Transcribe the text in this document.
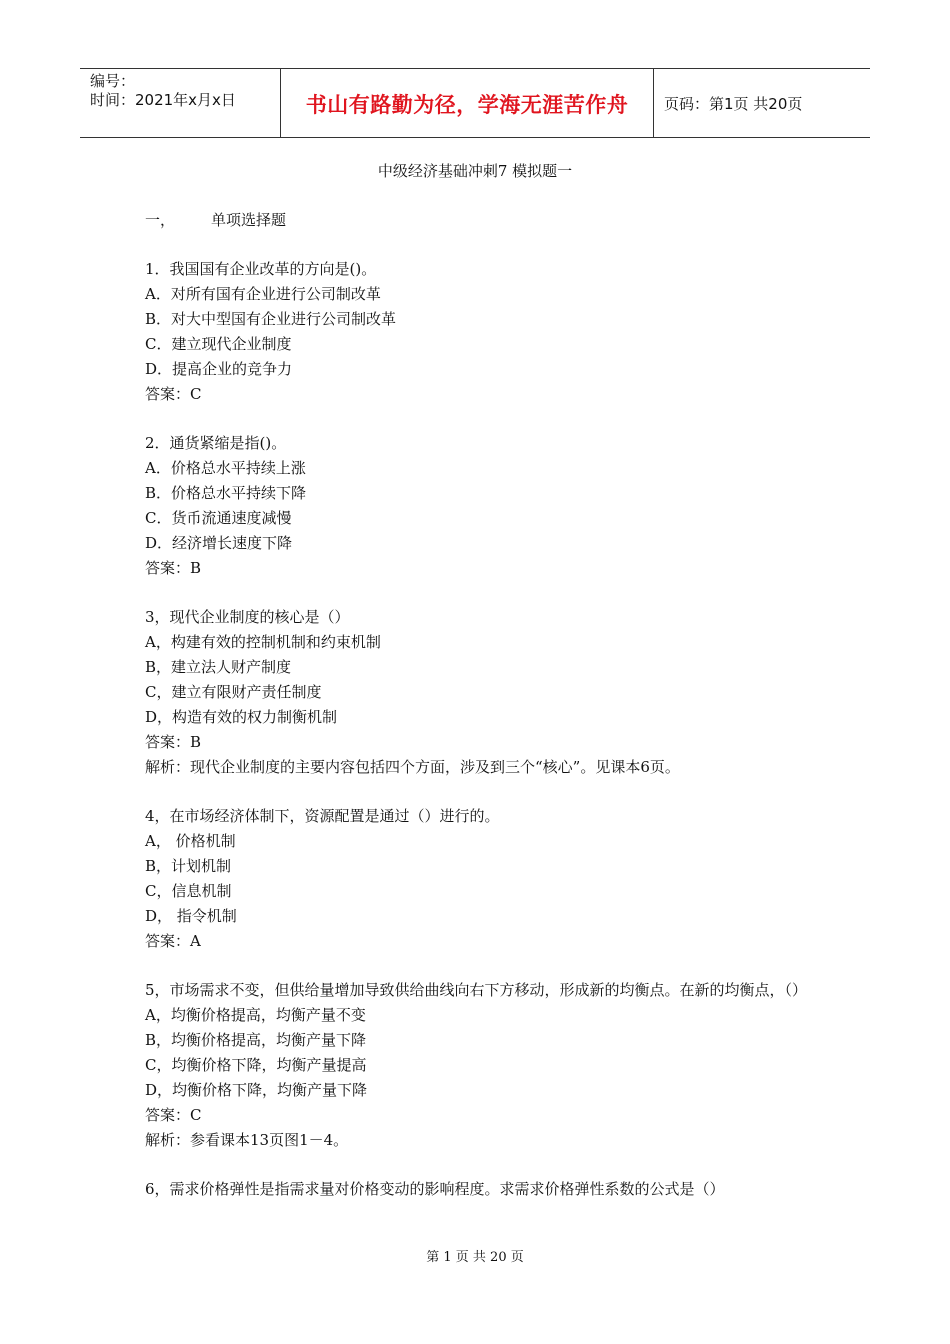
编号：
时间：2021年x月x日	书山有路勤为径，学海无涯苦作舟	页码：第1页 共20页
中级经济基础冲刺7 模拟题一

一， 单项选择题

1．我国国有企业改革的方向是()。

A．对所有国有企业进行公司制改革

B．对大中型国有企业进行公司制改革

C．建立现代企业制度

D．提高企业的竞争力

答案：C

2．通货紧缩是指()。

A．价格总水平持续上涨

B．价格总水平持续下降

C．货币流通速度减慢

D．经济增长速度下降

答案：B

3，现代企业制度的核心是（）

A，构建有效的控制机制和约束机制

B，建立法人财产制度

C，建立有限财产责任制度

D，构造有效的权力制衡机制

答案：B

解析：现代企业制度的主要内容包括四个方面，涉及到三个“核心”。见课本6页。

4，在市场经济体制下，资源配置是通过（）进行的。

A， 价格机制

B，计划机制

C，信息机制

D， 指令机制

答案：A

5，市场需求不变，但供给量增加导致供给曲线向右下方移动，形成新的均衡点。在新的均衡点，（）

A，均衡价格提高，均衡产量不变

B，均衡价格提高，均衡产量下降

C，均衡价格下降，均衡产量提高

D，均衡价格下降，均衡产量下降

答案：C

解析：参看课本13页图1－4。

6，需求价格弹性是指需求量对价格变动的影响程度。求需求价格弹性系数的公式是（）

第 1 页 共 20 页
